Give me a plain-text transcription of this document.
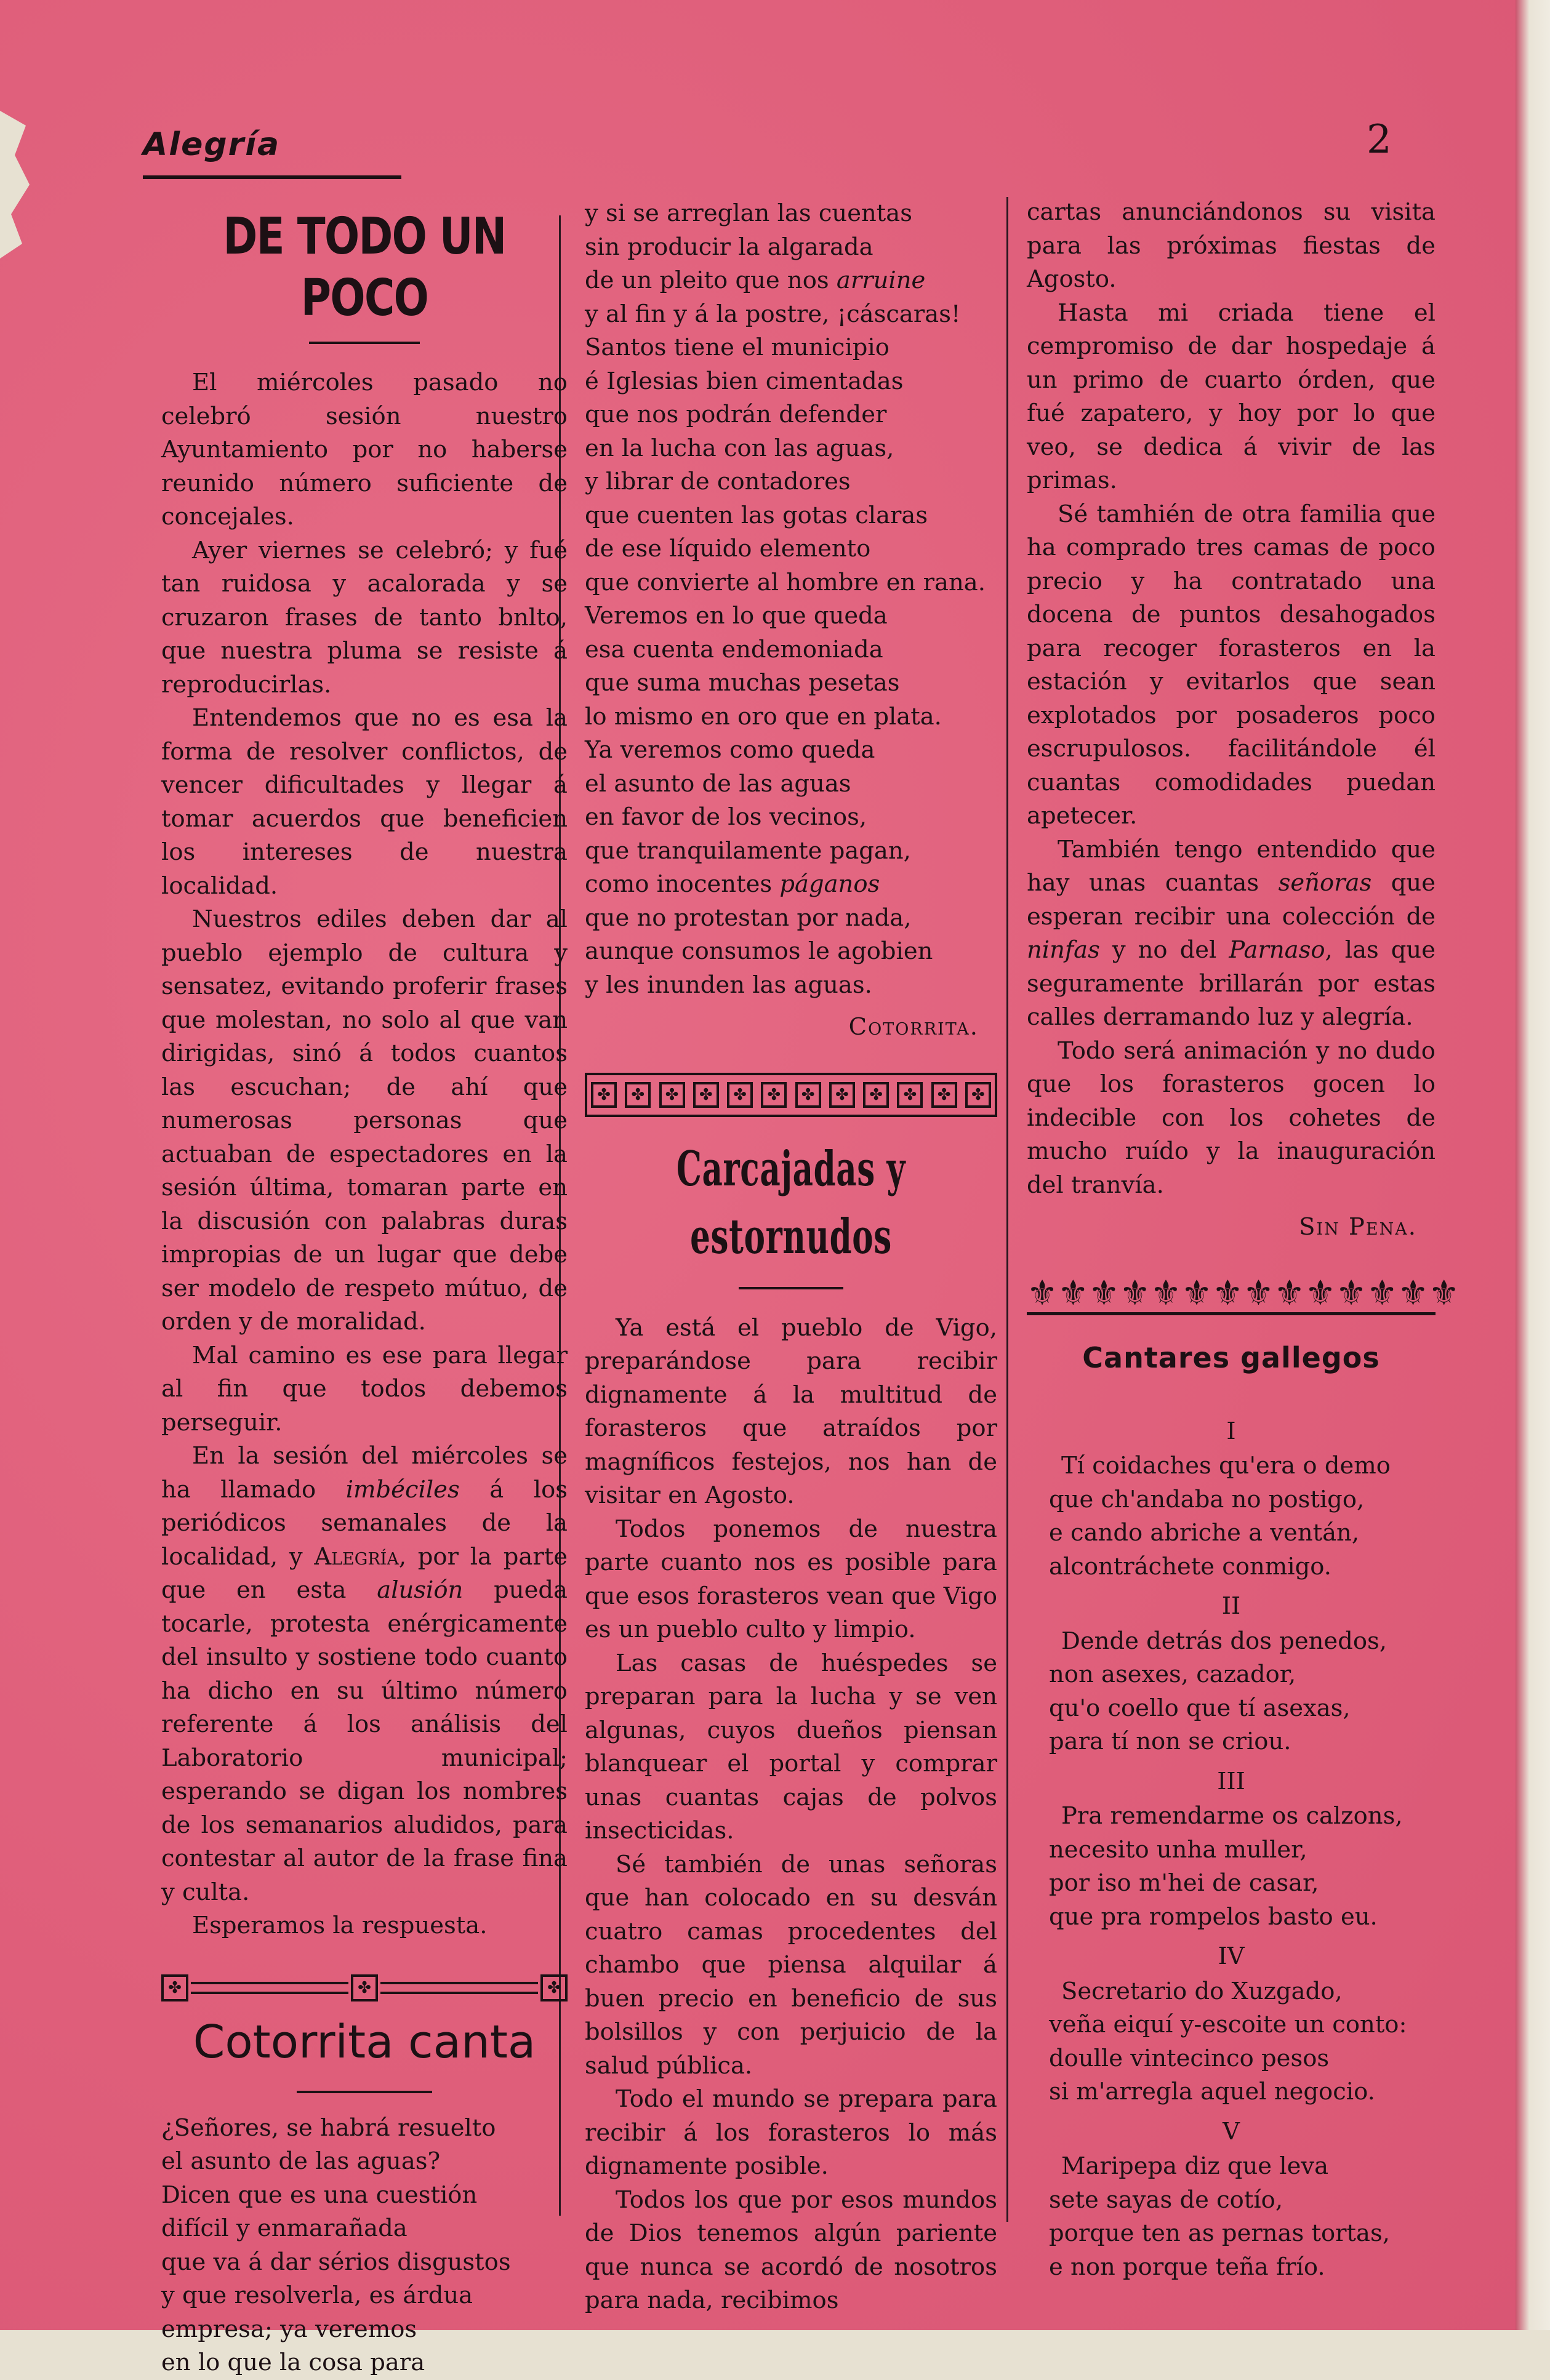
Alegría	2
DE TODO UN POCO

El miércoles pasado no celebró sesión nuestro Ayuntamiento por no haberse reunido número suficiente de concejales.

Ayer viernes se celebró; y fué tan ruidosa y acalorada y se cruzaron frases de tanto bnlto, que nuestra pluma se resiste á reproducirlas.

Entendemos que no es esa la forma de resolver conflictos, de vencer dificultades y llegar á tomar acuerdos que beneficien los intereses de nuestra localidad.

Nuestros ediles deben dar al pueblo ejemplo de cultura y sensatez, evitando proferir frases que molestan, no solo al que van dirigidas, sinó á todos cuantos las escuchan; de ahí que numerosas personas que actuaban de espectadores en la sesión última, tomaran parte en la discusión con palabras duras impropias de un lugar que debe ser modelo de respeto mútuo, de orden y de moralidad.

Mal camino es ese para llegar al fin que todos debemos perseguir.

En la sesión del miércoles se ha llamado imbéciles á los periódicos semanales de la localidad, y Alegría, por la parte que en esta alusión pueda tocarle, protesta enérgicamente del insulto y sostiene todo cuanto ha dicho en su último número referente á los análisis del Laboratorio municipal; esperando se digan los nombres de los semanarios aludidos, para contestar al autor de la frase fina y culta.

Esperamos la respuesta.

✤	✤	✤
Cotorrita canta
¿Señores, se habrá resuelto
el asunto de las aguas?
Dicen que es una cuestión
difícil y enmarañada
que va á dar sérios disgustos
y que resolverla, es árdua
empresa; ya veremos
en lo que la cosa para
y si se arreglan las cuentas
sin producir la algarada
de un pleito que nos arruine
y al fin y á la postre, ¡cáscaras!
Santos tiene el municipio
é Iglesias bien cimentadas
que nos podrán defender
en la lucha con las aguas,
y librar de contadores
que cuenten las gotas claras
de ese líquido elemento
que convierte al hombre en rana.
Veremos en lo que queda
esa cuenta endemoniada
que suma muchas pesetas
lo mismo en oro que en plata.
Ya veremos como queda
el asunto de las aguas
en favor de los vecinos,
que tranquilamente pagan,
como inocentes páganos
que no protestan por nada,
aunque consumos le agobien
y les inunden las aguas.

Cotorrita.

✤	✤	✤	✤	✤	✤	✤	✤	✤	✤	✤	✤
Carcajadas y estornudos

Ya está el pueblo de Vigo, preparándose para recibir dignamente á la multitud de forasteros que atraídos por magníficos festejos, nos han de visitar en Agosto.

Todos ponemos de nuestra parte cuanto nos es posible para que esos forasteros vean que Vigo es un pueblo culto y limpio.

Las casas de huéspedes se preparan para la lucha y se ven algunas, cuyos dueños piensan blanquear el portal y comprar unas cuantas cajas de polvos insecticidas.

Sé también de unas señoras que han colocado en su desván cuatro camas procedentes del chambo que piensa alquilar á buen precio en beneficio de sus bolsillos y con perjuicio de la salud pública.

Todo el mundo se prepara para recibir á los forasteros lo más dignamente posible.

Todos los que por esos mundos de Dios tenemos algún pariente que nunca se acordó de nosotros para nada, recibimos

cartas anunciándonos su visita para las próximas fiestas de Agosto.

Hasta mi criada tiene el cempromiso de dar hospedaje á un primo de cuarto órden, que fué zapatero, y hoy por lo que veo, se dedica á vivir de las primas.

Sé tamhién de otra familia que ha comprado tres camas de poco precio y ha contratado una docena de puntos desahogados para recoger forasteros en la estación y evitarlos que sean explotados por posaderos poco escrupulosos. facilitándole él cuantas comodidades puedan apetecer.

También tengo entendido que hay unas cuantas señoras que esperan recibir una colección de ninfas y no del Parnaso, las que seguramente brillarán por estas calles derramando luz y alegría.

Todo será animación y no dudo que los forasteros gocen lo indecible con los cohetes de mucho ruído y la inauguración del tranvía.

Sin Pena.

⚜ ⚜ ⚜ ⚜ ⚜ ⚜ ⚜ ⚜ ⚜ ⚜ ⚜ ⚜ ⚜ ⚜
Cantares gallegos
I
Tí coidaches qu'era o demo
que ch'andaba no postigo,
e cando abriche a ventán,
alcontráchete conmigo.
II
Dende detrás dos penedos,
non asexes, cazador,
qu'o coello que tí asexas,
para tí non se criou.
III
Pra remendarme os calzons,
necesito unha muller,
por iso m'hei de casar,
que pra rompelos basto eu.
IV
Secretario do Xuzgado,
veña eiquí y-escoite un conto:
doulle vintecinco pesos
si m'arregla aquel negocio.
V
Maripepa diz que leva
sete sayas de cotío,
porque ten as pernas tortas,
e non porque teña frío.
